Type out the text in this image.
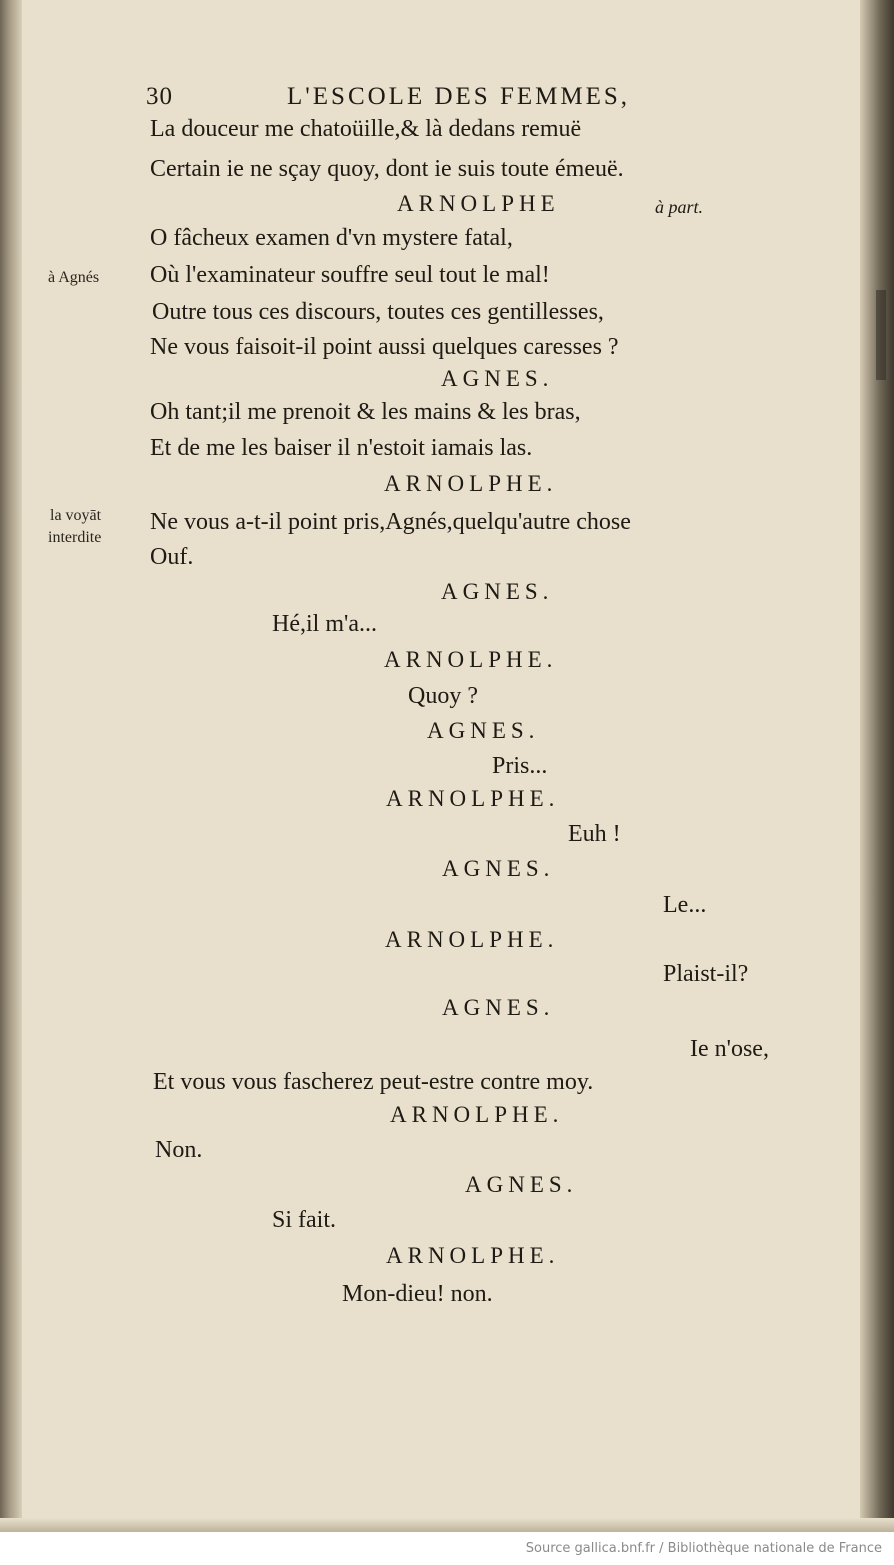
30	L'ESCOLE DES FEMMES,
La douceur me chatoüille,& là dedans remuë
Certain ie ne sçay quoy, dont ie suis toute émeuë.
ARNOLPHE	à part.
O fâcheux examen d'vn mystere fatal,
à Agnés Où l'examinateur souffre seul tout le mal!
Outre tous ces discours, toutes ces gentillesses,
Ne vous faisoit-il point aussi quelques caresses ?
AGNES.
Oh tant;il me prenoit & les mains & les bras,
Et de me les baiser il n'estoit iamais las.
ARNOLPHE.
la voyāt
interdite
Ne vous a-t-il point pris,Agnés,quelqu'autre chose
Ouf.
AGNES.
Hé,il m'a...
ARNOLPHE.
Quoy ?
AGNES.
Pris...
ARNOLPHE.
Euh !
AGNES.
Le...
ARNOLPHE.
Plaist-il?
AGNES.
Ie n'ose,
Et vous vous fascherez peut-estre contre moy.
ARNOLPHE.
Non.
AGNES.
Si fait.
ARNOLPHE.
Mon-dieu! non.
Source gallica.bnf.fr / Bibliothèque nationale de France
